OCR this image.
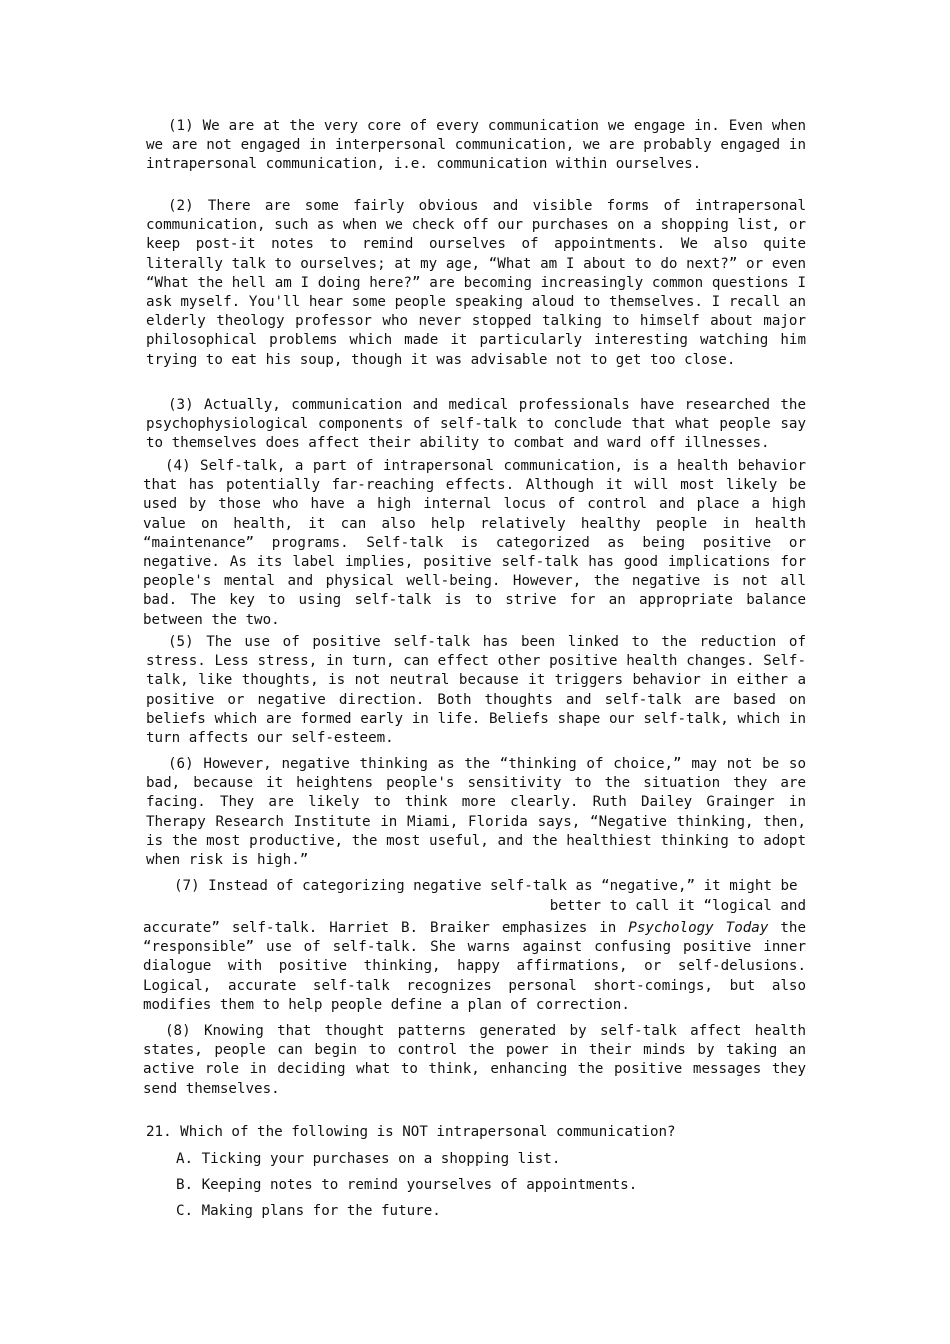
(1) We are at the very core of every communication we engage in. Even when we are not engaged in interpersonal communication, we are probably engaged in intrapersonal communication, i.e. communication within ourselves.

(2) There are some fairly obvious and visible forms of intrapersonal communication, such as when we check off our purchases on a shopping list, or keep post-it notes to remind ourselves of appointments. We also quite literally talk to ourselves; at my age, “What am I about to do next?” or even “What the hell am I doing here?” are becoming increasingly common questions I ask myself. You'll hear some people speaking aloud to themselves. I recall an elderly theology professor who never stopped talking to himself about major philosophical problems which made it particularly interesting watching him trying to eat his soup, though it was advisable not to get too close.

(3) Actually, communication and medical professionals have researched the psychophysiological components of self-talk to conclude that what people say to themselves does affect their ability to combat and ward off illnesses.

(4) Self-talk, a part of intrapersonal communication, is a health behavior that has potentially far-reaching effects. Although it will most likely be used by those who have a high internal locus of control and place a high value on health, it can also help relatively healthy people in health “maintenance” programs. Self-talk is categorized as being positive or negative. As its label implies, positive self-talk has good implications for people's mental and physical well-being. However, the negative is not all bad. The key to using self-talk is to strive for an appropriate balance between the two.

(5) The use of positive self-talk has been linked to the reduction of stress. Less stress, in turn, can effect other positive health changes. Self-talk, like thoughts, is not neutral because it triggers behavior in either a positive or negative direction. Both thoughts and self-talk are based on beliefs which are formed early in life. Beliefs shape our self-talk, which in turn affects our self-esteem.

(6) However, negative thinking as the “thinking of choice,” may not be so bad, because it heightens people's sensitivity to the situation they are facing. They are likely to think more clearly. Ruth Dailey Grainger in Therapy Research Institute in Miami, Florida says, “Negative thinking, then, is the most productive, the most useful, and the healthiest thinking to adopt when risk is high.”

(7) Instead of categorizing negative self-talk as “negative,” it might be

better to call it “logical and

accurate” self-talk. Harriet B. Braiker emphasizes in Psychology Today the “responsible” use of self-talk. She warns against confusing positive inner dialogue with positive thinking, happy affirmations, or self-delusions. Logical, accurate self-talk recognizes personal short-comings, but also modifies them to help people define a plan of correction.

(8) Knowing that thought patterns generated by self-talk affect health states, people can begin to control the power in their minds by taking an active role in deciding what to think, enhancing the positive messages they send themselves.

21. Which of the following is NOT intrapersonal communication?

A. Ticking your purchases on a shopping list.

B. Keeping notes to remind yourselves of appointments.

C. Making plans for the future.
